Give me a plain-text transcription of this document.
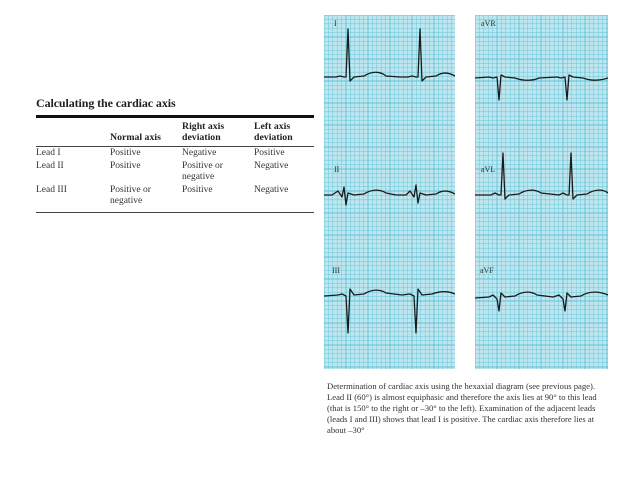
Calculating the cardiac axis
	Normal axis	Right axis deviation	Left axis deviation
Lead I	Positive	Negative	Positive
Lead II	Positive	Positive or negative	Negative
Lead III	Positive or negative	Positive	Negative
I	aVR
II	aVL
III	aVF
Determination of cardiac axis using the hexaxial diagram (see previous page). Lead II (60°) is almost equiphasic and therefore the axis lies at 90° to this lead (that is 150° to the right or –30° to the left). Examination of the adjacent leads (leads I and III) shows that lead I is positive. The cardiac axis therefore lies at about –30°
